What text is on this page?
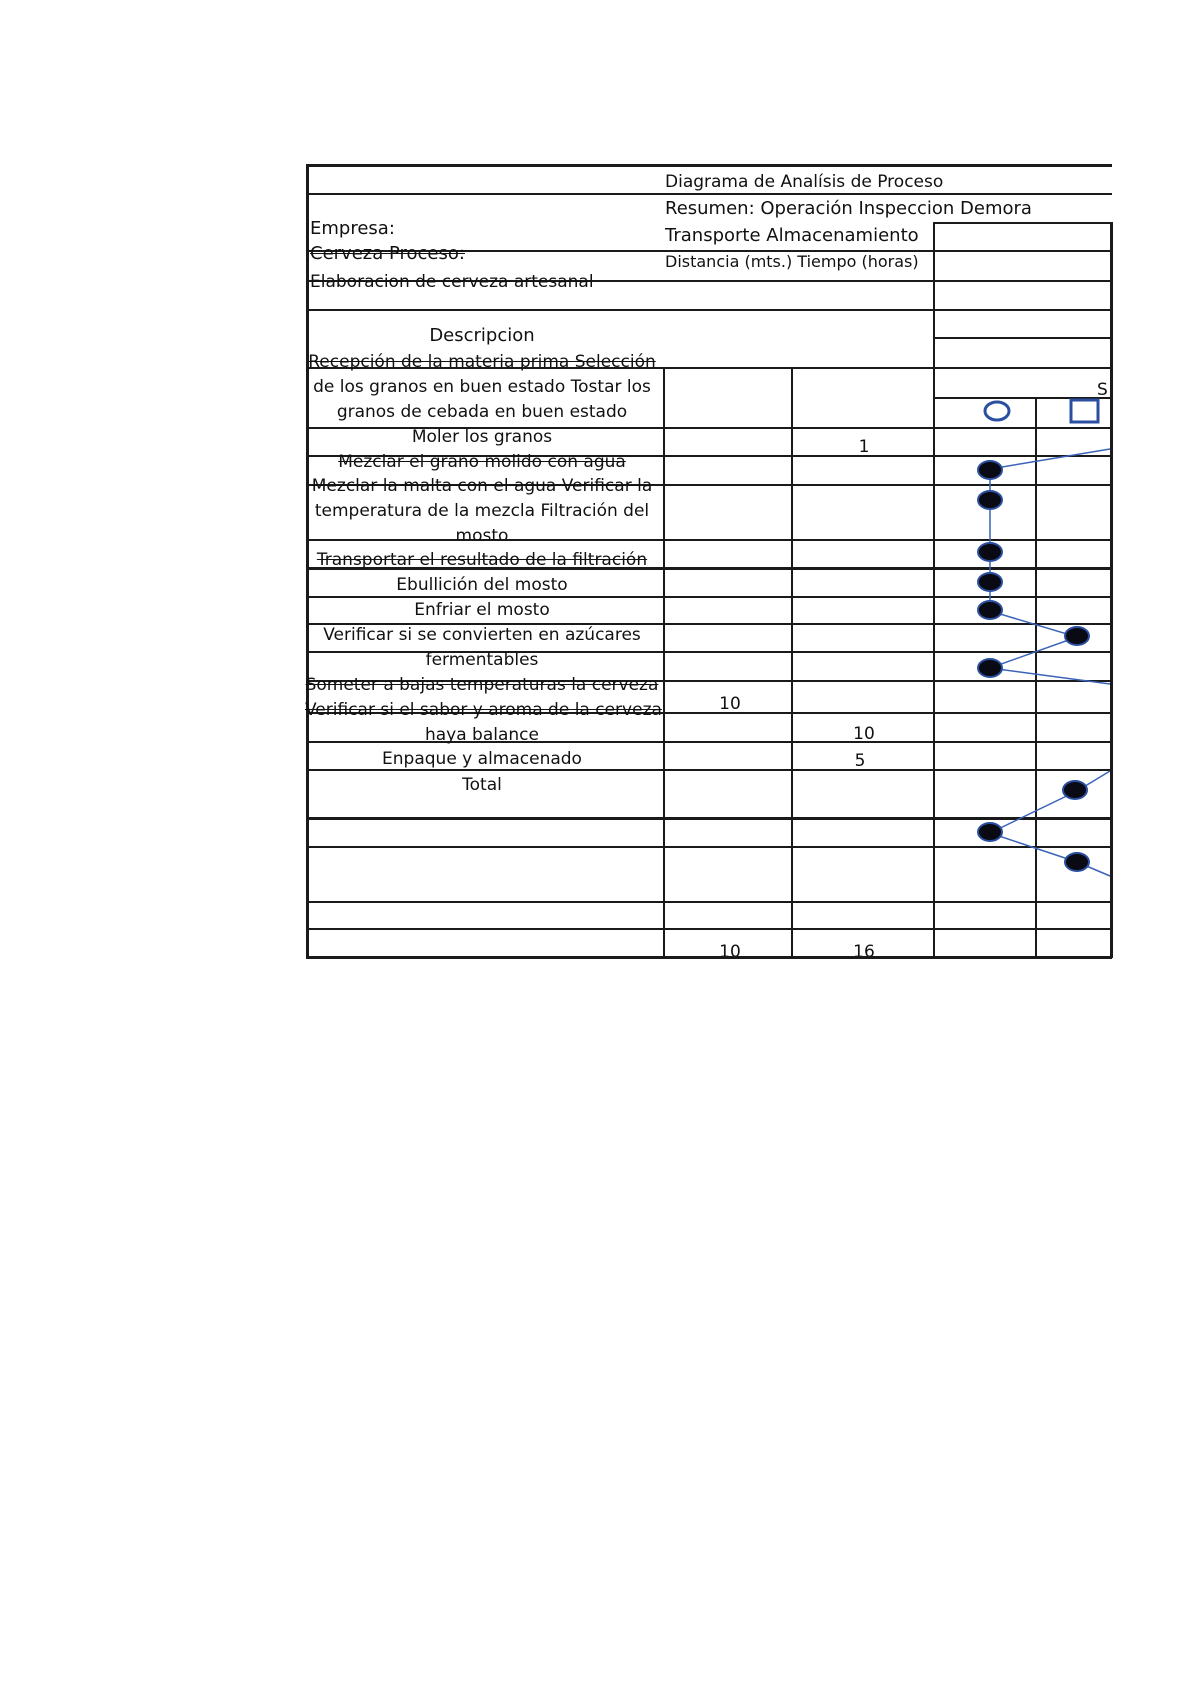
Diagrama de Analísis de Proceso
Resumen: Operación Inspeccion Demora
Transporte Almacenamiento
Distancia (mts.) Tiempo (horas)
Empresa:
Cerveza Proceso:
Elaboracion de cerveza artesanal
S
Descripcion
Recepción de la materia prima Selección
de los granos en buen estado Tostar los
granos de cebada en buen estado
Moler los granos
Mezclar el grano molido con agua
Mezclar la malta con el agua Verificar la
temperatura de la mezcla Filtración del
mosto
Transportar el resultado de la filtración
Ebullición del mosto
Enfriar el mosto
Verificar si se convierten en azúcares
fermentables
Someter a bajas temperaturas la cerveza
Verificar si el sabor y aroma de la cerveza
haya balance
Enpaque y almacenado
Total
1
10
10
5
10	16
